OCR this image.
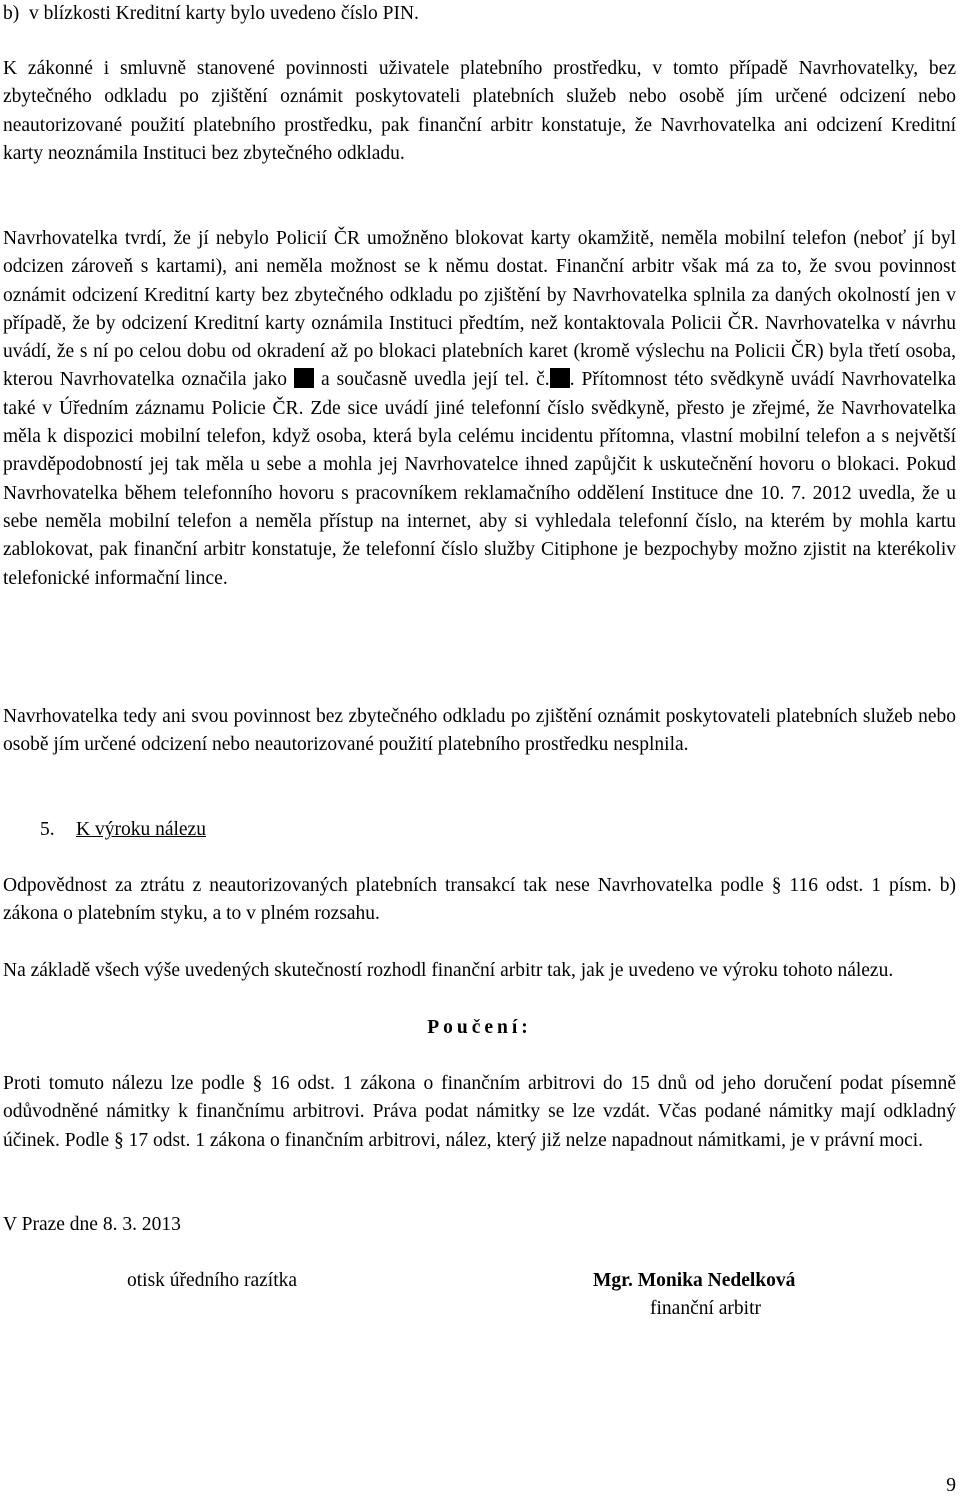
b)  v blízkosti Kreditní karty bylo uvedeno číslo PIN.

K zákonné i smluvně stanovené povinnosti uživatele platebního prostředku, v tomto případě Navrhovatelky, bez zbytečného odkladu po zjištění oznámit poskytovateli platebních služeb nebo osobě jím určené odcizení nebo neautorizované použití platebního prostředku, pak finanční arbitr konstatuje, že Navrhovatelka ani odcizení Kreditní karty neoznámila Instituci bez zbytečného odkladu.

Navrhovatelka tvrdí, že jí nebylo Policií ČR umožněno blokovat karty okamžitě, neměla mobilní telefon (neboť jí byl odcizen zároveň s kartami), ani neměla možnost se k němu dostat. Finanční arbitr však má za to, že svou povinnost oznámit odcizení Kreditní karty bez zbytečného odkladu po zjištění by Navrhovatelka splnila za daných okolností jen v případě, že by odcizení Kreditní karty oznámila Instituci předtím, než kontaktovala Policii ČR. Navrhovatelka v návrhu uvádí, že s ní po celou dobu od okradení až po blokaci platebních karet (kromě výslechu na Policii ČR) byla třetí osoba, kterou Navrhovatelka označila jako  a současně uvedla její tel. č. . Přítomnost této svědkyně uvádí Navrhovatelka také v Úředním záznamu Policie ČR. Zde sice uvádí jiné telefonní číslo svědkyně, přesto je zřejmé, že Navrhovatelka měla k dispozici mobilní telefon, když osoba, která byla celému incidentu přítomna, vlastní mobilní telefon a s největší pravděpodobností jej tak měla u sebe a mohla jej Navrhovatelce ihned zapůjčit k uskutečnění hovoru o blokaci. Pokud Navrhovatelka během telefonního hovoru s pracovníkem reklamačního oddělení Instituce dne 10. 7. 2012 uvedla, že u sebe neměla mobilní telefon a neměla přístup na internet, aby si vyhledala telefonní číslo, na kterém by mohla kartu zablokovat, pak finanční arbitr konstatuje, že telefonní číslo služby Citiphone je bezpochyby možno zjistit na kterékoliv telefonické informační lince.

Navrhovatelka tedy ani svou povinnost bez zbytečného odkladu po zjištění oznámit poskytovateli platebních služeb nebo osobě jím určené odcizení nebo neautorizované použití platebního prostředku nesplnila.

5. K výroku nálezu

Odpovědnost za ztrátu z neautorizovaných platebních transakcí tak nese Navrhovatelka podle § 116 odst. 1 písm. b) zákona o platebním styku, a to v plném rozsahu.

Na základě všech výše uvedených skutečností rozhodl finanční arbitr tak, jak je uvedeno ve výroku tohoto nálezu.

Poučení:

Proti tomuto nálezu lze podle § 16 odst. 1 zákona o finančním arbitrovi do 15 dnů od jeho doručení podat písemně odůvodněné námitky k finančnímu arbitrovi. Práva podat námitky se lze vzdát. Včas podané námitky mají odkladný účinek. Podle § 17 odst. 1 zákona o finančním arbitrovi, nález, který již nelze napadnout námitkami, je v právní moci.

V Praze dne 8. 3. 2013

otisk úředního razítka	Mgr. Monika Nedelková
finanční arbitr
9
